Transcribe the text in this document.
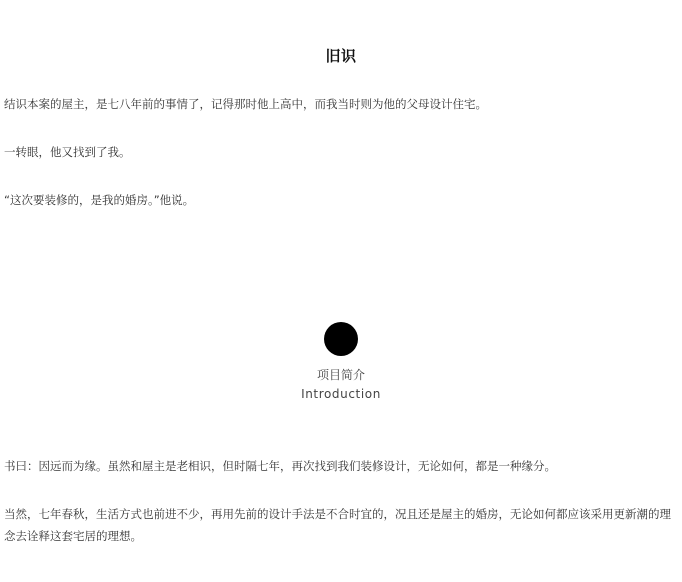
旧识

结识本案的屋主，是七八年前的事情了，记得那时他上高中，而我当时则为他的父母设计住宅。

一转眼，他又找到了我。

“这次要装修的，是我的婚房。”他说。

项目简介
Introduction

书曰：因远而为缘。虽然和屋主是老相识，但时隔七年，再次找到我们装修设计，无论如何，都是一种缘分。

当然，七年春秋，生活方式也前进不少，再用先前的设计手法是不合时宜的，况且还是屋主的婚房，无论如何都应该采用更新潮的理念去诠释这套宅居的理想。
